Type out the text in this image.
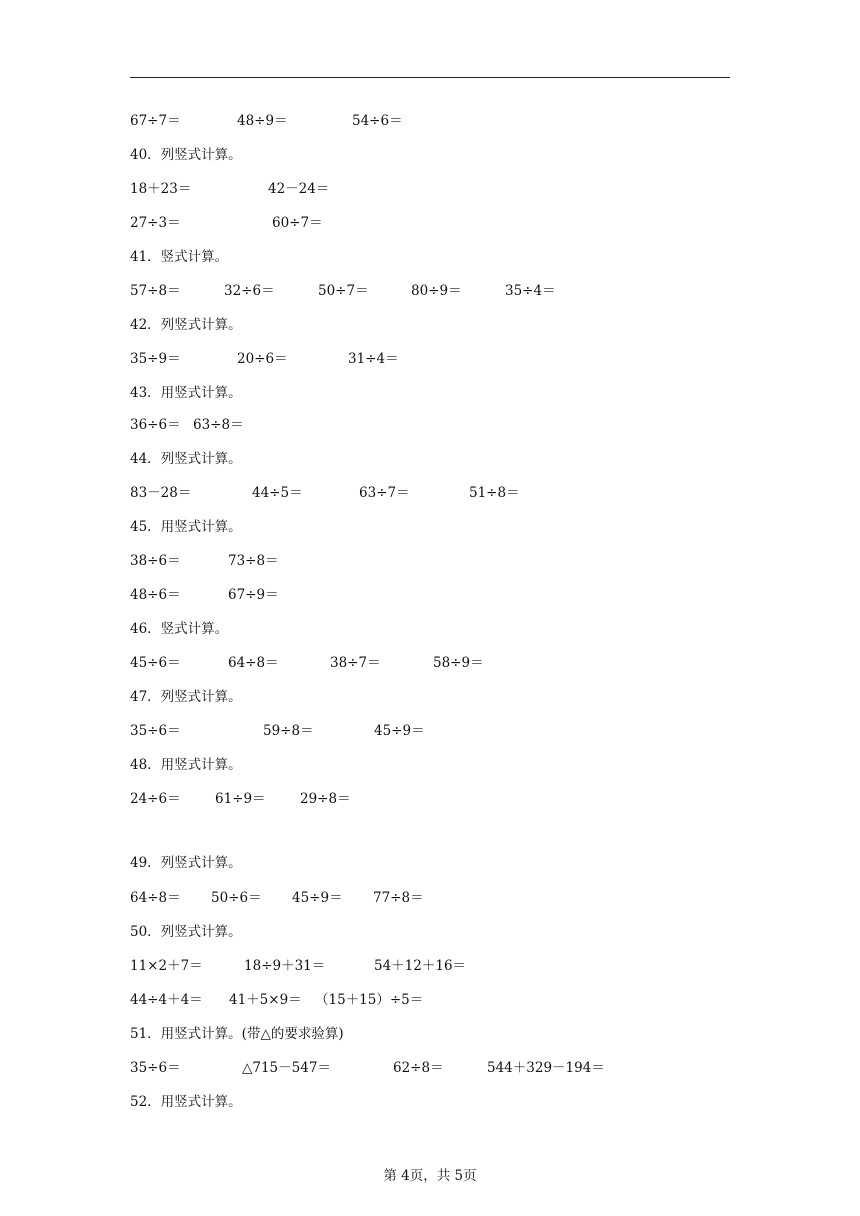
67÷7＝	48÷9＝	54÷6＝
40．列竖式计算。
18＋23＝	42－24＝
27÷3＝	60÷7＝
41．竖式计算。
57÷8＝	32÷6＝	50÷7＝	80÷9＝	35÷4＝
42．列竖式计算。
35÷9＝	20÷6＝	31÷4＝
43．用竖式计算。
36÷6＝ 63÷8＝
44．列竖式计算。
83－28＝	44÷5＝	63÷7＝	51÷8＝
45．用竖式计算。
38÷6＝	73÷8＝
48÷6＝	67÷9＝
46．竖式计算。
45÷6＝	64÷8＝	38÷7＝	58÷9＝
47．列竖式计算。
35÷6＝	59÷8＝	45÷9＝
48．用竖式计算。
24÷6＝	61÷9＝	29÷8＝
49．列竖式计算。
64÷8＝ 50÷6＝ 45÷9＝ 77÷8＝
50．列竖式计算。
11×2＋7＝	18÷9＋31＝	54＋12＋16＝
44÷4＋4＝ 41＋5×9＝ （15＋15）÷5＝
51．用竖式计算。(带△的要求验算)
35÷6＝	△715－547＝	62÷8＝	544＋329－194＝
52．用竖式计算。
第 4页，共 5页
